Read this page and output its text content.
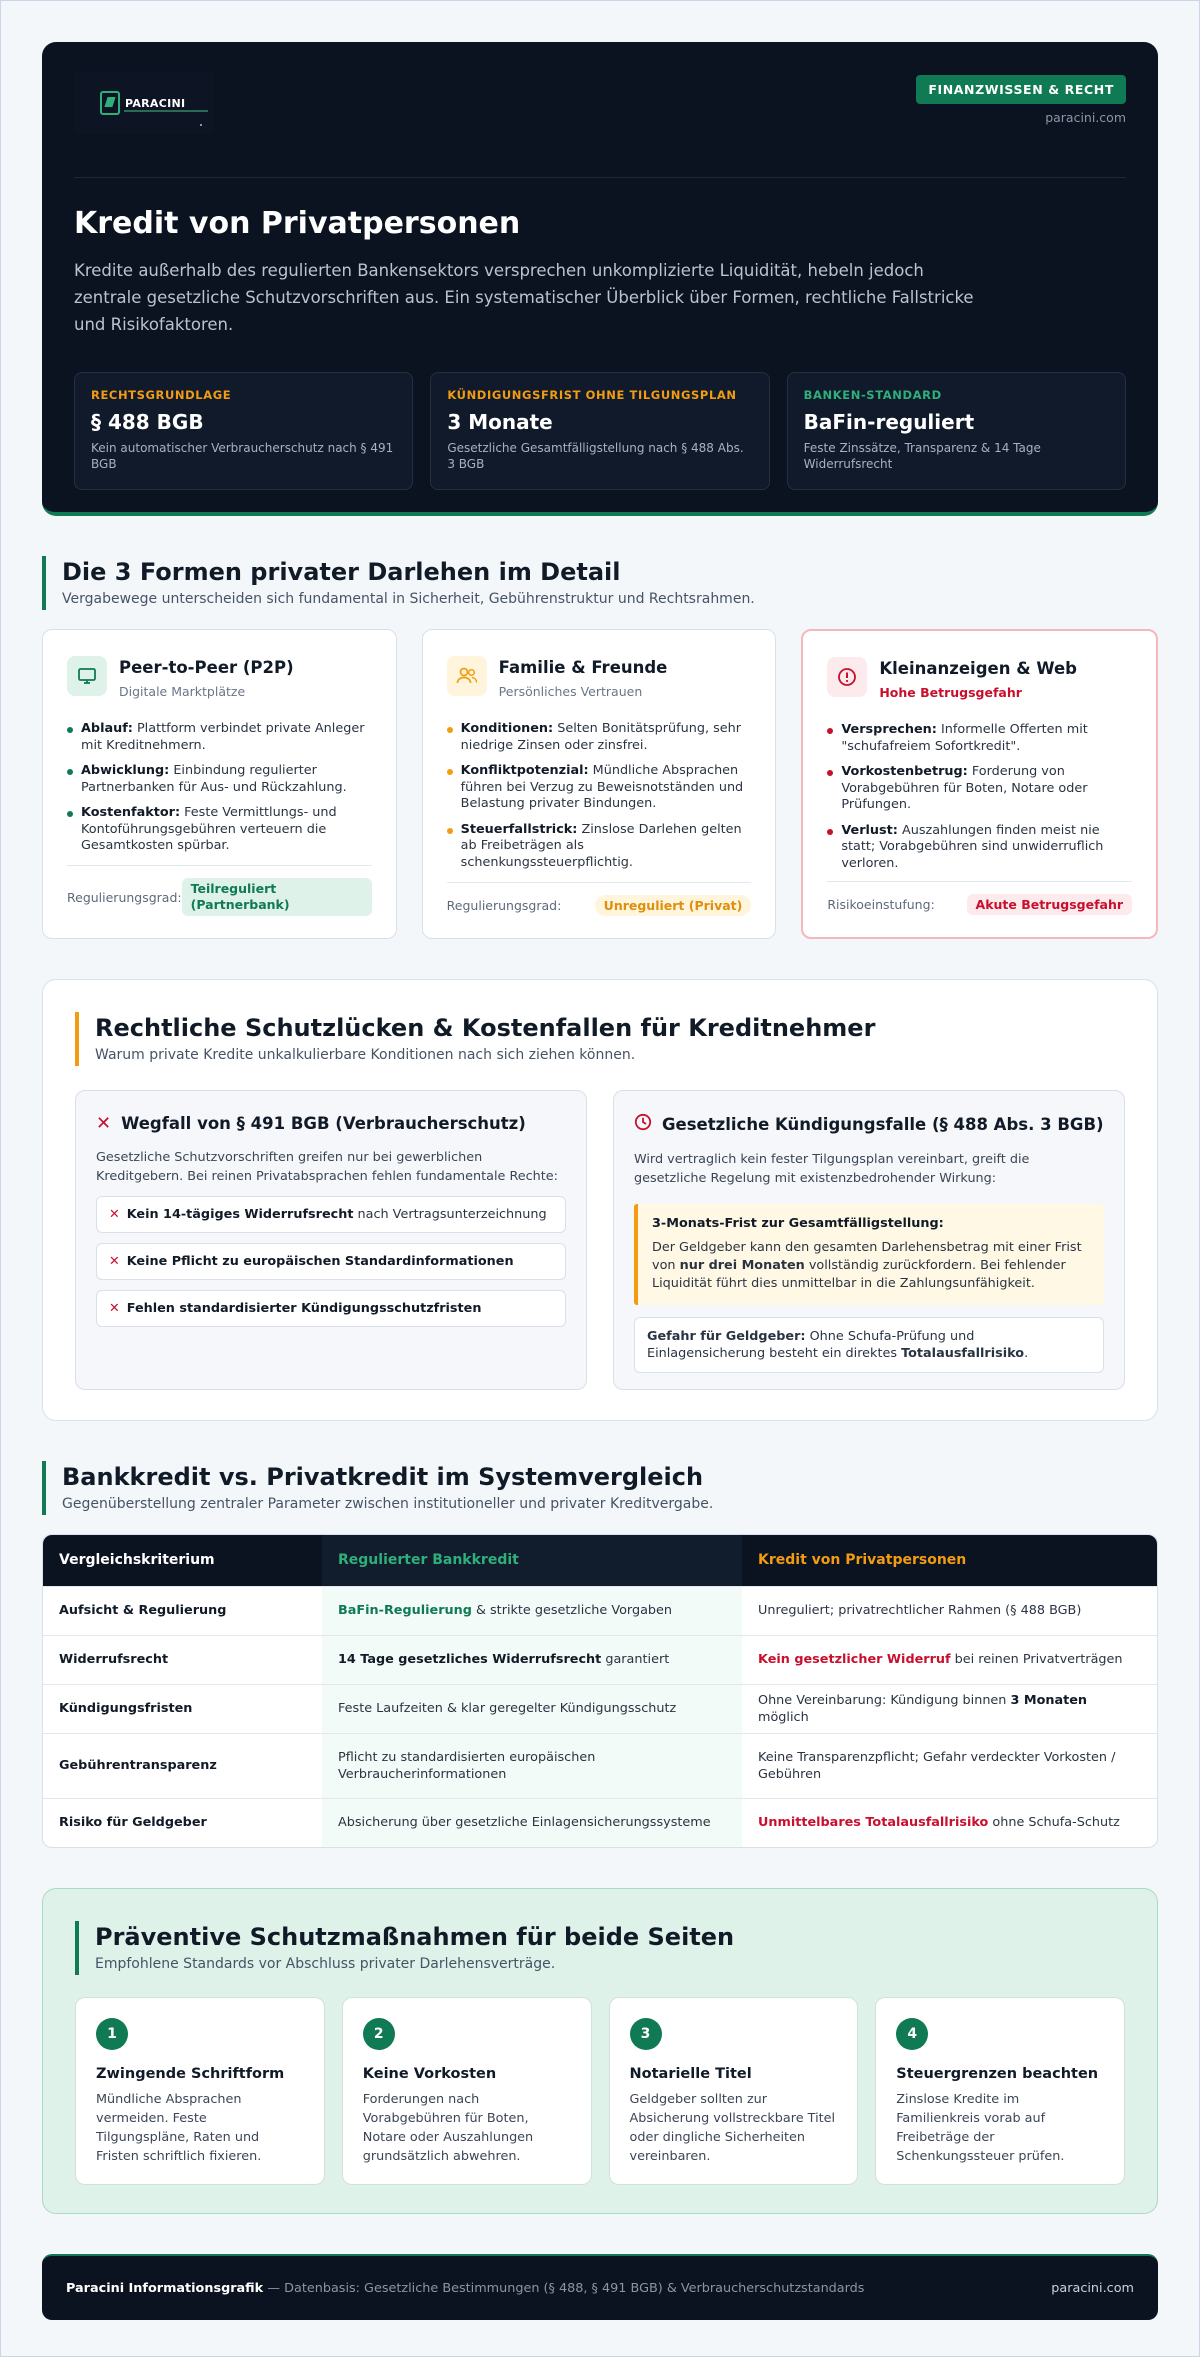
PARACINI
FINANZWISSEN & RECHT
paracini.com
Kredit von Privatpersonen

Kredite außerhalb des regulierten Bankensektors versprechen unkomplizierte Liquidität, hebeln jedoch zentrale gesetzliche Schutzvorschriften aus. Ein systematischer Überblick über Formen, rechtliche Fallstricke und Risikofaktoren.

RECHTSGRUNDLAGE
§ 488 BGB
Kein automatischer Verbraucherschutz nach § 491 BGB
KÜNDIGUNGSFRIST OHNE TILGUNGSPLAN
3 Monate
Gesetzliche Gesamtfälligstellung nach § 488 Abs. 3 BGB
BANKEN-STANDARD
BaFin-reguliert
Feste Zinssätze, Transparenz & 14 Tage Widerrufsrecht
Die 3 Formen privater Darlehen im Detail

Vergabewege unterscheiden sich fundamental in Sicherheit, Gebührenstruktur und Rechtsrahmen.

Peer-to-Peer (P2P)
Digitale Marktplätze
Ablauf: Plattform verbindet private Anleger mit Kreditnehmern.
Abwicklung: Einbindung regulierter Partnerbanken für Aus- und Rückzahlung.
Kostenfaktor: Feste Vermittlungs- und Kontoführungsgebühren verteuern die Gesamtkosten spürbar.
Regulierungsgrad:
Teilreguliert (Partnerbank)
Familie & Freunde
Persönliches Vertrauen
Konditionen: Selten Bonitätsprüfung, sehr niedrige Zinsen oder zinsfrei.
Konfliktpotenzial: Mündliche Absprachen führen bei Verzug zu Beweisnotständen und Belastung privater Bindungen.
Steuerfallstrick: Zinslose Darlehen gelten ab Freibeträgen als schenkungssteuerpflichtig.
Regulierungsgrad:	Unreguliert (Privat)
Kleinanzeigen & Web
Hohe Betrugsgefahr
Versprechen: Informelle Offerten mit "schufafreiem Sofortkredit".
Vorkostenbetrug: Forderung von Vorabgebühren für Boten, Notare oder Prüfungen.
Verlust: Auszahlungen finden meist nie statt; Vorabgebühren sind unwiderruflich verloren.
Risikoeinstufung:	Akute Betrugsgefahr
Rechtliche Schutzlücken & Kostenfallen für Kreditnehmer

Warum private Kredite unkalkulierbare Konditionen nach sich ziehen können.

✕ Wegfall von § 491 BGB (Verbraucherschutz)

Gesetzliche Schutzvorschriften greifen nur bei gewerblichen Kreditgebern. Bei reinen Privatabsprachen fehlen fundamentale Rechte:

✕ Kein 14-tägiges Widerrufsrecht nach Vertragsunterzeichnung
✕ Keine Pflicht zu europäischen Standardinformationen
✕ Fehlen standardisierter Kündigungsschutzfristen
Gesetzliche Kündigungsfalle (§ 488 Abs. 3 BGB)

Wird vertraglich kein fester Tilgungsplan vereinbart, greift die gesetzliche Regelung mit existenzbedrohender Wirkung:

3-Monats-Frist zur Gesamtfälligstellung:
Der Geldgeber kann den gesamten Darlehensbetrag mit einer Frist von nur drei Monaten vollständig zurückfordern. Bei fehlender Liquidität führt dies unmittelbar in die Zahlungsunfähigkeit.
Gefahr für Geldgeber: Ohne Schufa-Prüfung und Einlagensicherung besteht ein direktes Totalausfallrisiko.
Bankkredit vs. Privatkredit im Systemvergleich

Gegenüberstellung zentraler Parameter zwischen institutioneller und privater Kreditvergabe.

Vergleichskriterium	Regulierter Bankkredit	Kredit von Privatpersonen
Aufsicht & Regulierung	BaFin-Regulierung & strikte gesetzliche Vorgaben	Unreguliert; privatrechtlicher Rahmen (§ 488 BGB)
Widerrufsrecht	14 Tage gesetzliches Widerrufsrecht garantiert	Kein gesetzlicher Widerruf bei reinen Privatverträgen
Kündigungsfristen	Feste Laufzeiten & klar geregelter Kündigungsschutz	Ohne Vereinbarung: Kündigung binnen 3 Monaten möglich
Gebührentransparenz	Pflicht zu standardisierten europäischen Verbraucherinformationen	Keine Transparenzpflicht; Gefahr verdeckter Vorkosten / Gebühren
Risiko für Geldgeber	Absicherung über gesetzliche Einlagensicherungssysteme	Unmittelbares Totalausfallrisiko ohne Schufa-Schutz
Präventive Schutzmaßnahmen für beide Seiten

Empfohlene Standards vor Abschluss privater Darlehensverträge.

1
Zwingende Schriftform
Mündliche Absprachen vermeiden. Feste Tilgungspläne, Raten und Fristen schriftlich fixieren.
2
Keine Vorkosten
Forderungen nach Vorabgebühren für Boten, Notare oder Auszahlungen grundsätzlich abwehren.
3
Notarielle Titel
Geldgeber sollten zur Absicherung vollstreckbare Titel oder dingliche Sicherheiten vereinbaren.
4
Steuergrenzen beachten
Zinslose Kredite im Familienkreis vorab auf Freibeträge der Schenkungssteuer prüfen.
Paracini Informationsgrafik — Datenbasis: Gesetzliche Bestimmungen (§ 488, § 491 BGB) & Verbraucherschutzstandards	paracini.com
